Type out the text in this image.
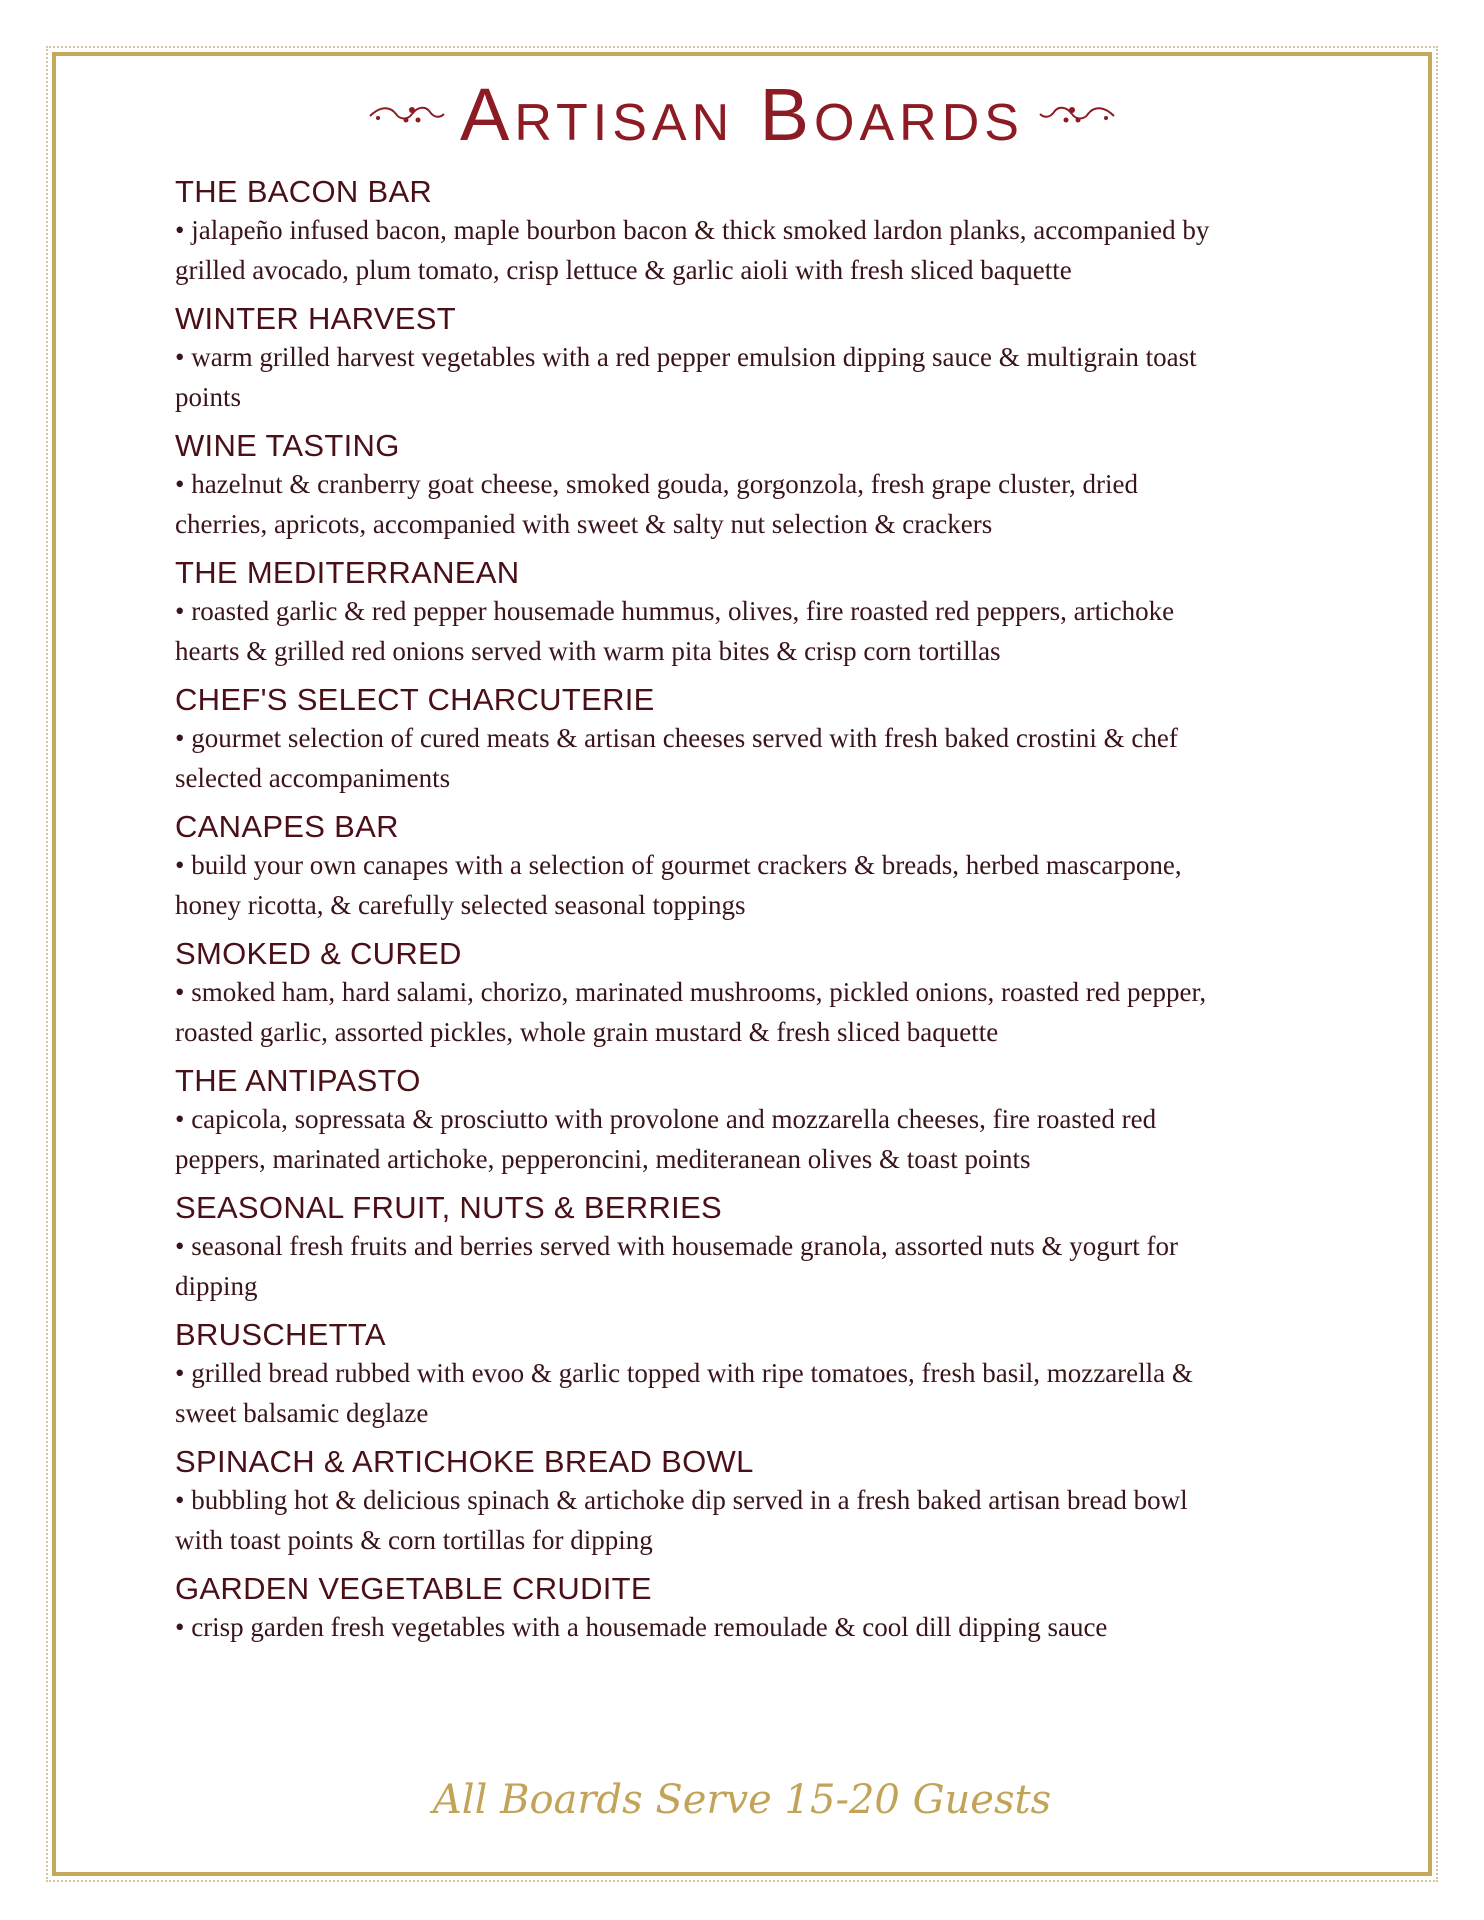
Artisan Boards
THE BACON BAR

• jalapeño infused bacon, maple bourbon bacon & thick smoked lardon planks, accompanied by grilled avocado, plum tomato, crisp lettuce & garlic aioli with fresh sliced baquette

WINTER HARVEST

• warm grilled harvest vegetables with a red pepper emulsion dipping sauce & multigrain toast points

WINE TASTING

• hazelnut & cranberry goat cheese, smoked gouda, gorgonzola, fresh grape cluster, dried cherries, apricots, accompanied with sweet & salty nut selection & crackers

THE MEDITERRANEAN

• roasted garlic & red pepper housemade hummus, olives, fire roasted red peppers, artichoke hearts & grilled red onions served with warm pita bites & crisp corn tortillas

CHEF'S SELECT CHARCUTERIE

• gourmet selection of cured meats & artisan cheeses served with fresh baked crostini & chef selected accompaniments

CANAPES BAR

• build your own canapes with a selection of gourmet crackers & breads, herbed mascarpone, honey ricotta, & carefully selected seasonal toppings

SMOKED & CURED

• smoked ham, hard salami, chorizo, marinated mushrooms, pickled onions, roasted red pepper, roasted garlic, assorted pickles, whole grain mustard & fresh sliced baquette

THE ANTIPASTO

• capicola, sopressata & prosciutto with provolone and mozzarella cheeses, fire roasted red peppers, marinated artichoke, pepperoncini, mediteranean olives & toast points

SEASONAL FRUIT, NUTS & BERRIES

• seasonal fresh fruits and berries served with housemade granola, assorted nuts & yogurt for dipping

BRUSCHETTA

• grilled bread rubbed with evoo & garlic topped with ripe tomatoes, fresh basil, mozzarella & sweet balsamic deglaze

SPINACH & ARTICHOKE BREAD BOWL

• bubbling hot & delicious spinach & artichoke dip served in a fresh baked artisan bread bowl with toast points & corn tortillas for dipping

GARDEN VEGETABLE CRUDITE

• crisp garden fresh vegetables with a housemade remoulade & cool dill dipping sauce

All Boards Serve 15-20 Guests
